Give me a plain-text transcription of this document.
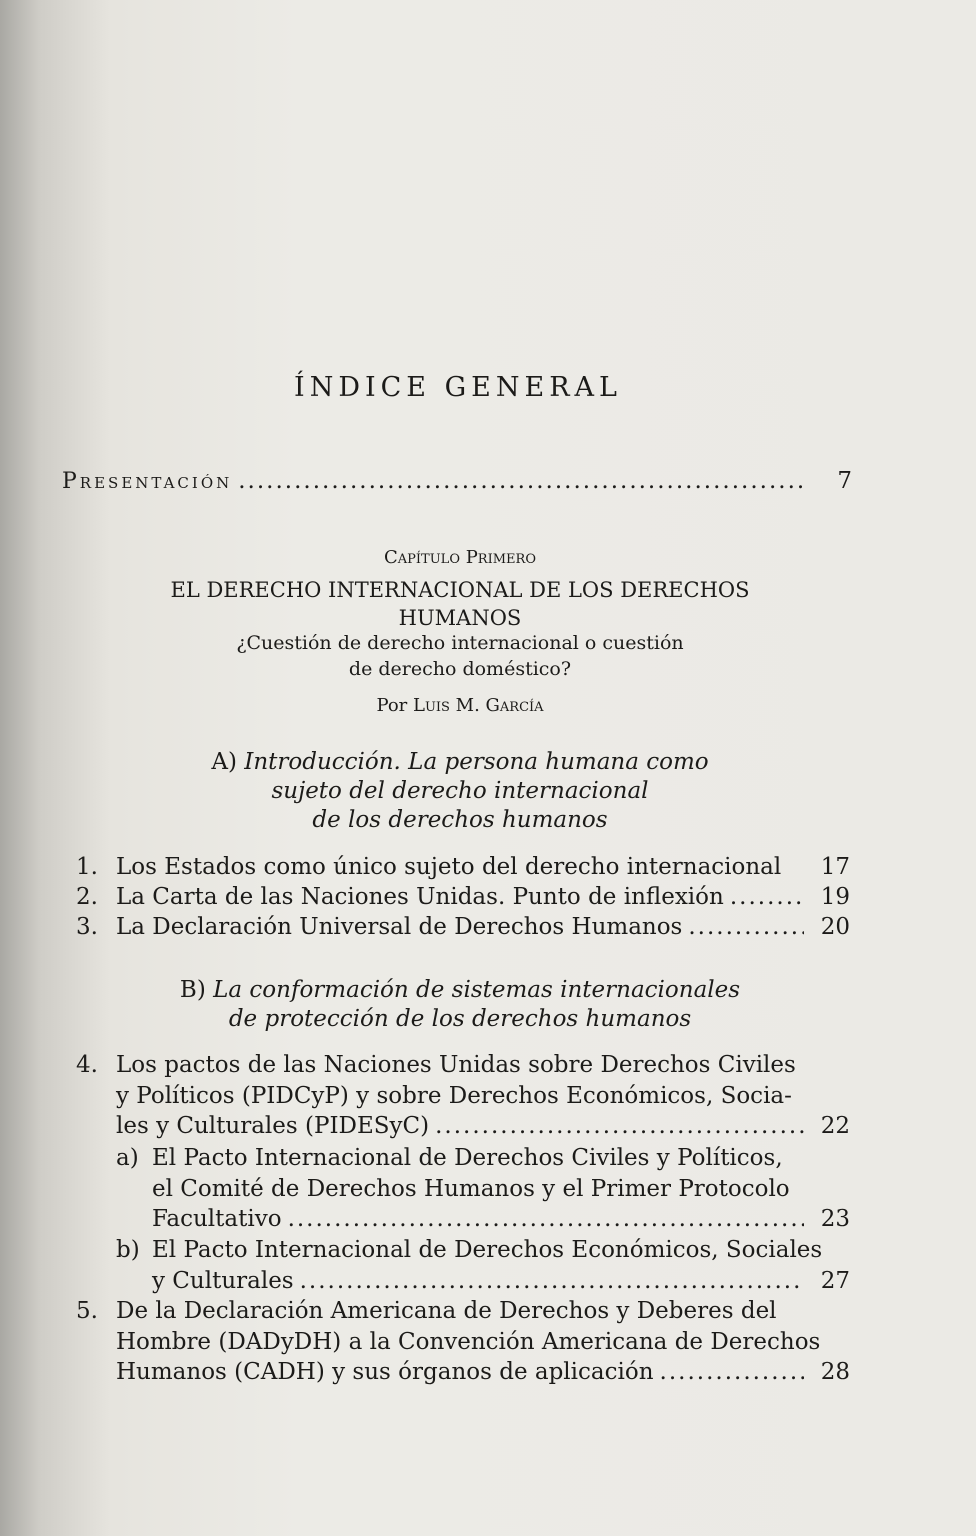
ÍNDICE GENERAL
Presentación .....	7
Capítulo Primero
EL DERECHO INTERNACIONAL DE LOS DERECHOS
HUMANOS
¿Cuestión de derecho internacional o cuestión
de derecho doméstico?
Por Luis M. García
A) Introducción. La persona humana como
sujeto del derecho internacional
de los derechos humanos
1. Los Estados como único sujeto del derecho internacional	17
2. La Carta de las Naciones Unidas. Punto de inflexión .....	19
3. La Declaración Universal de Derechos Humanos .....	20
B) La conformación de sistemas internacionales
de protección de los derechos humanos
4. Los pactos de las Naciones Unidas sobre Derechos Civiles
y Políticos (PIDCyP) y sobre Derechos Económicos, Socia-
les y Culturales (PIDESyC) .....	22
a) El Pacto Internacional de Derechos Civiles y Políticos,
el Comité de Derechos Humanos y el Primer Protocolo
Facultativo .....	23
b) El Pacto Internacional de Derechos Económicos, Sociales
y Culturales .....	27
5. De la Declaración Americana de Derechos y Deberes del
Hombre (DADyDH) a la Convención Americana de Derechos
Humanos (CADH) y sus órganos de aplicación .....	28
